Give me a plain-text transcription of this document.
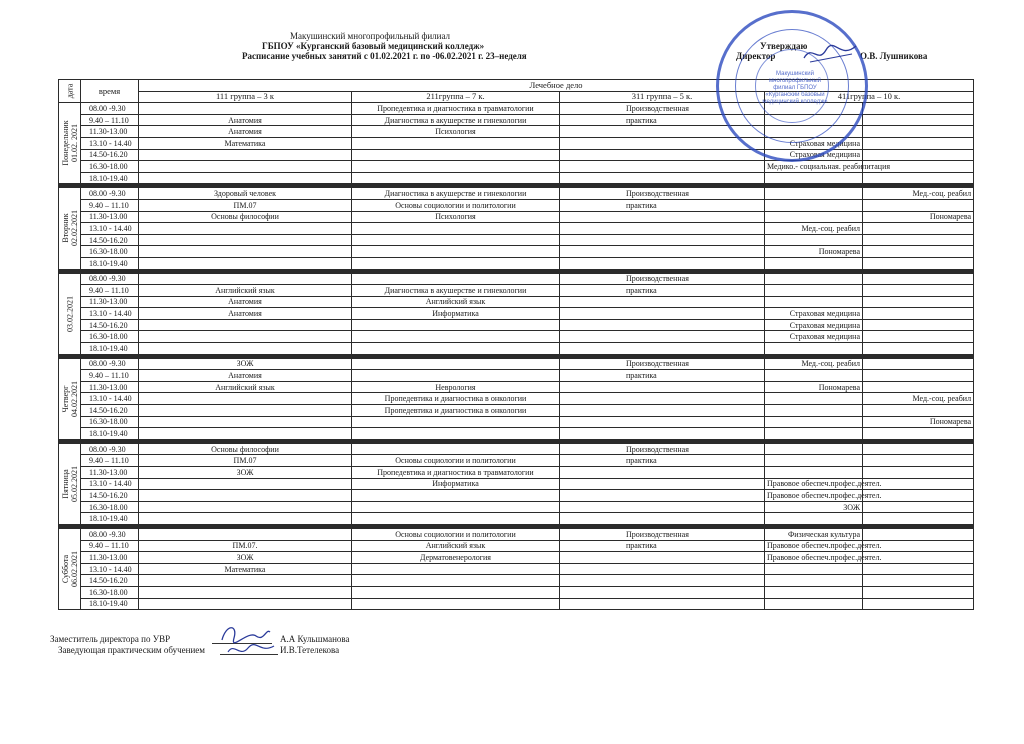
Макушинский многопрофильный филиал
ГБПОУ «Курганский базовый медицинский колледж»
Расписание учебных занятий с 01.02.2021 г. по -06.02.2021 г. 23–неделя
Утверждаю
Директор	О.В. Лушникова
дата	время	Лечебное дело				
		111 группа – 3 к	211группа – 7 к.	311 группа – 5 к.	411группа – 10 к.	

Понедельник
01.02. 2021	08.00 -9.30		Пропедевтика и диагностика в травматологии	Производственная		
	9.40 – 11.10	Анатомия	Диагностика в акушерстве и гинекологии	практика		
	11.30-13.00	Анатомия	Психология			
	13.10 - 14.40	Математика			Страховая медицина	
	14.50-16.20				Страховая медицина	
	16.30-18.00				Медико.- социальная. реабилитация	
	18.10-19.40					

Вторник
02.02.2021	08.00 -9.30	Здоровый человек	Диагностика в акушерстве и гинекологии	Производственная		Мед.-соц. реабил
	9.40 – 11.10	ПМ.07	Основы социологии и политологии	практика		
	11.30-13.00	Основы философии	Психология			Пономарева
	13.10 - 14.40				Мед.-соц. реабил	
	14.50-16.20					
	16.30-18.00				Пономарева	
	18.10-19.40					

03.02.2021	08.00 -9.30			Производственная		
	9.40 – 11.10	Английский язык	Диагностика в акушерстве и гинекологии	практика		
	11.30-13.00	Анатомия	Английский язык			
	13.10 - 14.40	Анатомия	Информатика		Страховая медицина	
	14.50-16.20				Страховая медицина	
	16.30-18.00				Страховая медицина	
	18.10-19.40					

Четверг
04.02.2021	08.00 -9.30	ЗОЖ		Производственная	Мед.-соц. реабил	
	9.40 – 11.10	Анатомия		практика		
	11.30-13.00	Английский язык	Неврология		Пономарева	
	13.10 - 14.40		Пропедевтика и диагностика в онкологии			Мед.-соц. реабил
	14.50-16.20		Пропедевтика и диагностика в онкологии			
	16.30-18.00					Пономарева
	18.10-19.40					

Пятница
05.02.2021	08.00 -9.30	Основы философии		Производственная		
	9.40 – 11.10	ПМ.07	Основы социологии и политологии	практика		
	11.30-13.00	ЗОЖ	Пропедевтика и диагностика в травматологии			
	13.10 - 14.40		Информатика		Правовое обеспеч.профес.деятел.	
	14.50-16.20				Правовое обеспеч.профес.деятел.	
	16.30-18.00				ЗОЖ	
	18.10-19.40					

Суббота
06.02.2021	08.00 -9.30		Основы социологии и политологии	Производственная	Физическая культура	
	9.40 – 11.10	ПМ.07.	Английский язык	практика	Правовое обеспеч.профес.деятел.	
	11.30-13.00	ЗОЖ	Дерматовенерология		Правовое обеспеч.профес.деятел.	
	13.10 - 14.40	Математика				
	14.50-16.20					
	16.30-18.00					
	18.10-19.40					
Макушинский многопрофильный филиал ГБПОУ «Курганский базовый медицинский колледж»
Заместитель директора по УВР	А.А Кульшманова
Заведующая практическим обучением	И.В.Тетелекова
